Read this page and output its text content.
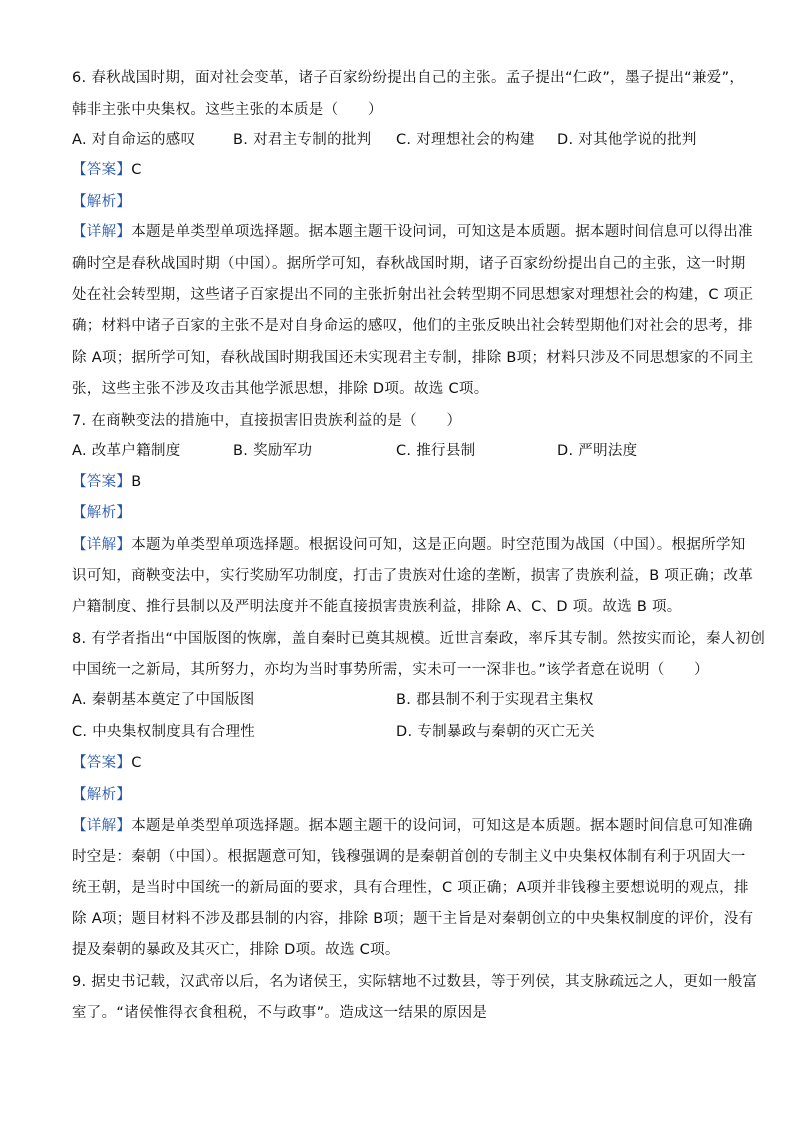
6. 春秋战国时期，面对社会变革，诸子百家纷纷提出自己的主张。孟子提出“仁政”，墨子提出“兼爱”，
韩非主张中央集权。这些主张的本质是（　　）
A. 对自命运的感叹	B. 对君主专制的批判 C. 对理想社会的构建 D. 对其他学说的批判
【答案】C
【解析】
【详解】本题是单类型单项选择题。据本题主题干设问词，可知这是本质题。据本题时间信息可以得出准
确时空是春秋战国时期（中国）。据所学可知，春秋战国时期，诸子百家纷纷提出自己的主张，这一时期
处在社会转型期，这些诸子百家提出不同的主张折射出社会转型期不同思想家对理想社会的构建，C 项正
确；材料中诸子百家的主张不是对自身命运的感叹，他们的主张反映出社会转型期他们对社会的思考，排
除 A项；据所学可知，春秋战国时期我国还未实现君主专制，排除 B项；材料只涉及不同思想家的不同主
张，这些主张不涉及攻击其他学派思想，排除 D项。故选 C项。
7. 在商鞅变法的措施中，直接损害旧贵族利益的是（　　）
A. 改革户籍制度	B. 奖励军功	C. 推行县制	D. 严明法度
【答案】B
【解析】
【详解】本题为单类型单项选择题。根据设问可知，这是正向题。时空范围为战国（中国）。根据所学知
识可知，商鞅变法中，实行奖励军功制度，打击了贵族对仕途的垄断，损害了贵族利益，B 项正确；改革
户籍制度、推行县制以及严明法度并不能直接损害贵族利益，排除 A、C、D 项。故选 B 项。
8. 有学者指出“中国版图的恢廓，盖自秦时已奠其规模。近世言秦政，率斥其专制。然按实而论，秦人初创
中国统一之新局，其所努力，亦均为当时事势所需，实未可一一深非也。”该学者意在说明（　　）
A. 秦朝基本奠定了中国版图	B. 郡县制不利于实现君主集权
C. 中央集权制度具有合理性	D. 专制暴政与秦朝的灭亡无关
【答案】C
【解析】
【详解】本题是单类型单项选择题。据本题主题干的设问词，可知这是本质题。据本题时间信息可知准确
时空是：秦朝（中国）。根据题意可知，钱穆强调的是秦朝首创的专制主义中央集权体制有利于巩固大一
统王朝，是当时中国统一的新局面的要求，具有合理性，C 项正确；A项并非钱穆主要想说明的观点，排
除 A项；题目材料不涉及郡县制的内容，排除 B项；题干主旨是对秦朝创立的中央集权制度的评价，没有
提及秦朝的暴政及其灭亡，排除 D项。故选 C项。
9. 据史书记载，汉武帝以后，名为诸侯王，实际辖地不过数县，等于列侯，其支脉疏远之人，更如一般富
室了。“诸侯惟得衣食租税，不与政事”。造成这一结果的原因是
